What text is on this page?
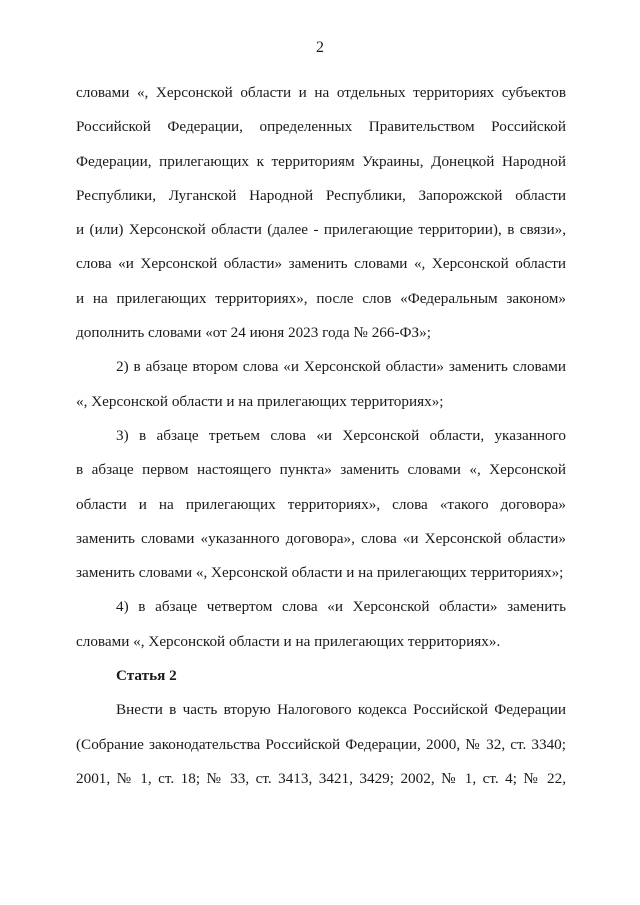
2
словами «, Херсонской области и на отдельных территориях субъектов
Российской Федерации, определенных Правительством Российской
Федерации, прилегающих к территориям Украины, Донецкой Народной
Республики, Луганской Народной Республики, Запорожской области
и (или) Херсонской области (далее - прилегающие территории), в связи»,
слова «и Херсонской области» заменить словами «, Херсонской области
и на прилегающих территориях», после слов «Федеральным законом»
дополнить словами «от 24 июня 2023 года № 266-ФЗ»;
2) в абзаце втором слова «и Херсонской области» заменить словами
«, Херсонской области и на прилегающих территориях»;
3) в абзаце третьем слова «и Херсонской области, указанного
в абзаце первом настоящего пункта» заменить словами «, Херсонской
области и на прилегающих территориях», слова «такого договора»
заменить словами «указанного договора», слова «и Херсонской области»
заменить словами «, Херсонской области и на прилегающих территориях»;
4) в абзаце четвертом слова «и Херсонской области» заменить
словами «, Херсонской области и на прилегающих территориях».
Статья 2
Внести в часть вторую Налогового кодекса Российской Федерации
(Собрание законодательства Российской Федерации, 2000, № 32, ст. 3340;
2001, № 1, ст. 18; № 33, ст. 3413, 3421, 3429; 2002, № 1, ст. 4; № 22,
